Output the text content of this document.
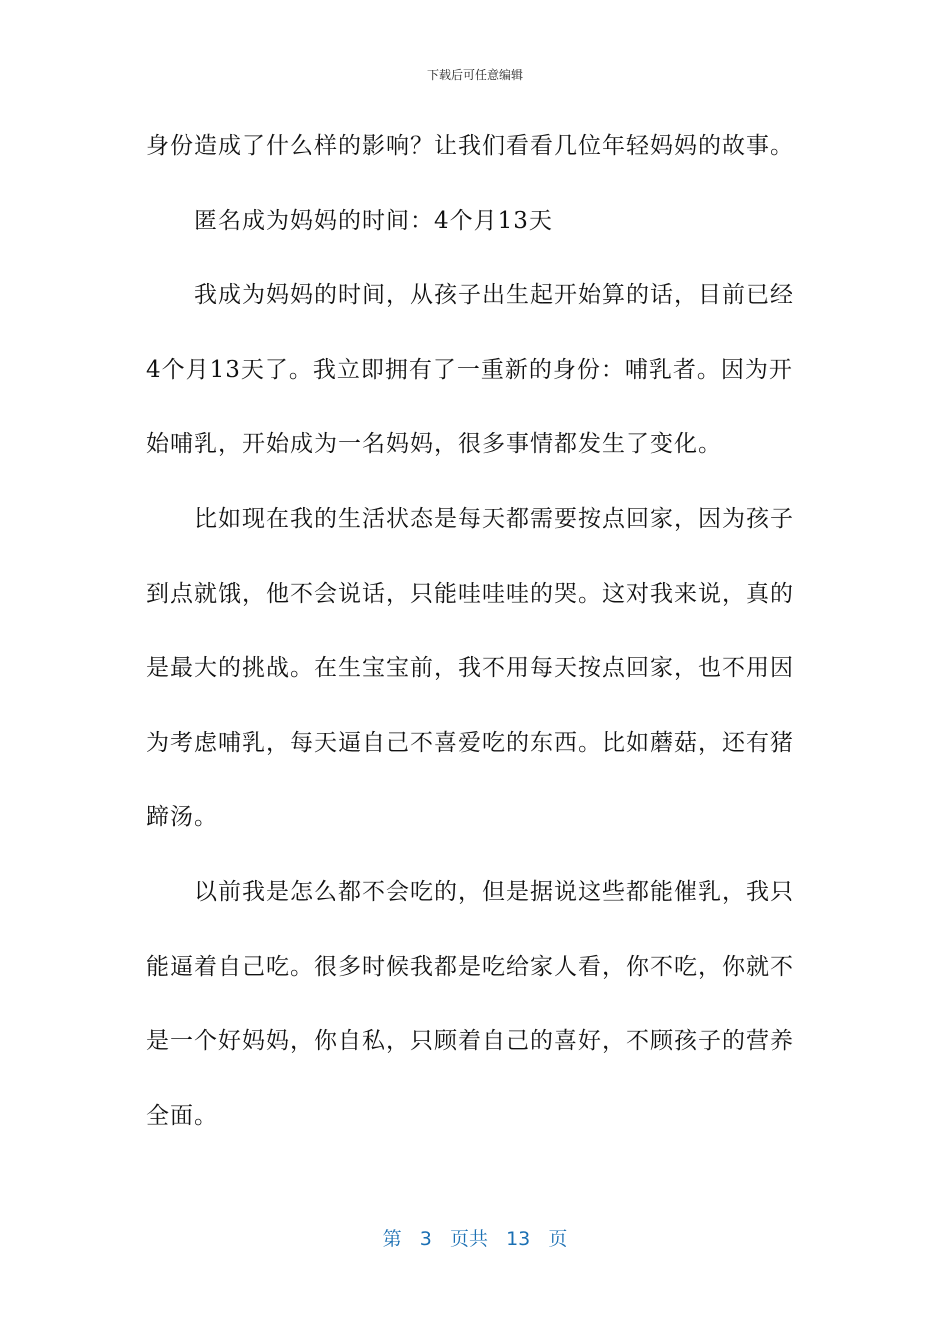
下载后可任意编辑
身份造成了什么样的影响？让我们看看几位年轻妈妈的故事。
匿名成为妈妈的时间：4个月13天
我成为妈妈的时间，从孩子出生起开始算的话，目前已经
4个月13天了。我立即拥有了一重新的身份：哺乳者。因为开
始哺乳，开始成为一名妈妈，很多事情都发生了变化。
比如现在我的生活状态是每天都需要按点回家，因为孩子
到点就饿，他不会说话，只能哇哇哇的哭。这对我来说，真的
是最大的挑战。在生宝宝前，我不用每天按点回家，也不用因
为考虑哺乳，每天逼自己不喜爱吃的东西。比如蘑菇，还有猪
蹄汤。
以前我是怎么都不会吃的，但是据说这些都能催乳，我只
能逼着自己吃。很多时候我都是吃给家人看，你不吃，你就不
是一个好妈妈，你自私，只顾着自己的喜好，不顾孩子的营养
全面。
第 3 页共 13 页
